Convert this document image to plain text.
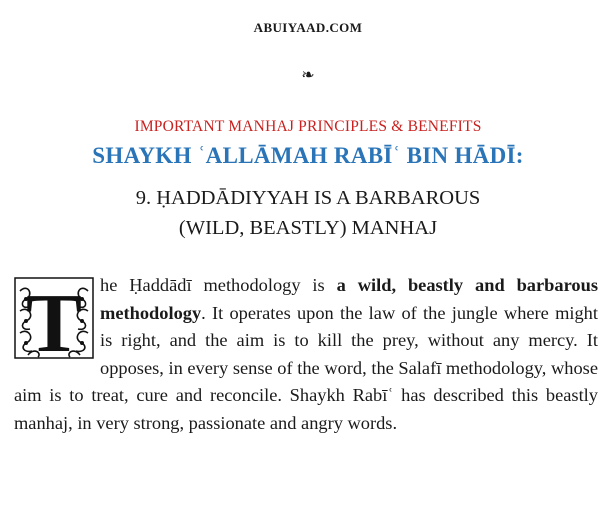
ABUIYAAD.COM
❧
IMPORTANT MANHAJ PRINCIPLES & BENEFITS
SHAYKH ʿALLĀMAH RABĪʿ BIN HĀDĪ:
9. ḤADDĀDIYYAH IS A BARBAROUS
(WILD, BEASTLY) MANHAJ
T he Ḥaddādī methodology is a wild, beastly and barbarous methodology. It operates upon the law of the jungle where might is right, and the aim is to kill the prey, without any mercy. It opposes, in every sense of the word, the Salafī methodology, whose aim is to treat, cure and reconcile. Shaykh Rabīʿ has described this beastly manhaj, in very strong, passionate and angry words.
